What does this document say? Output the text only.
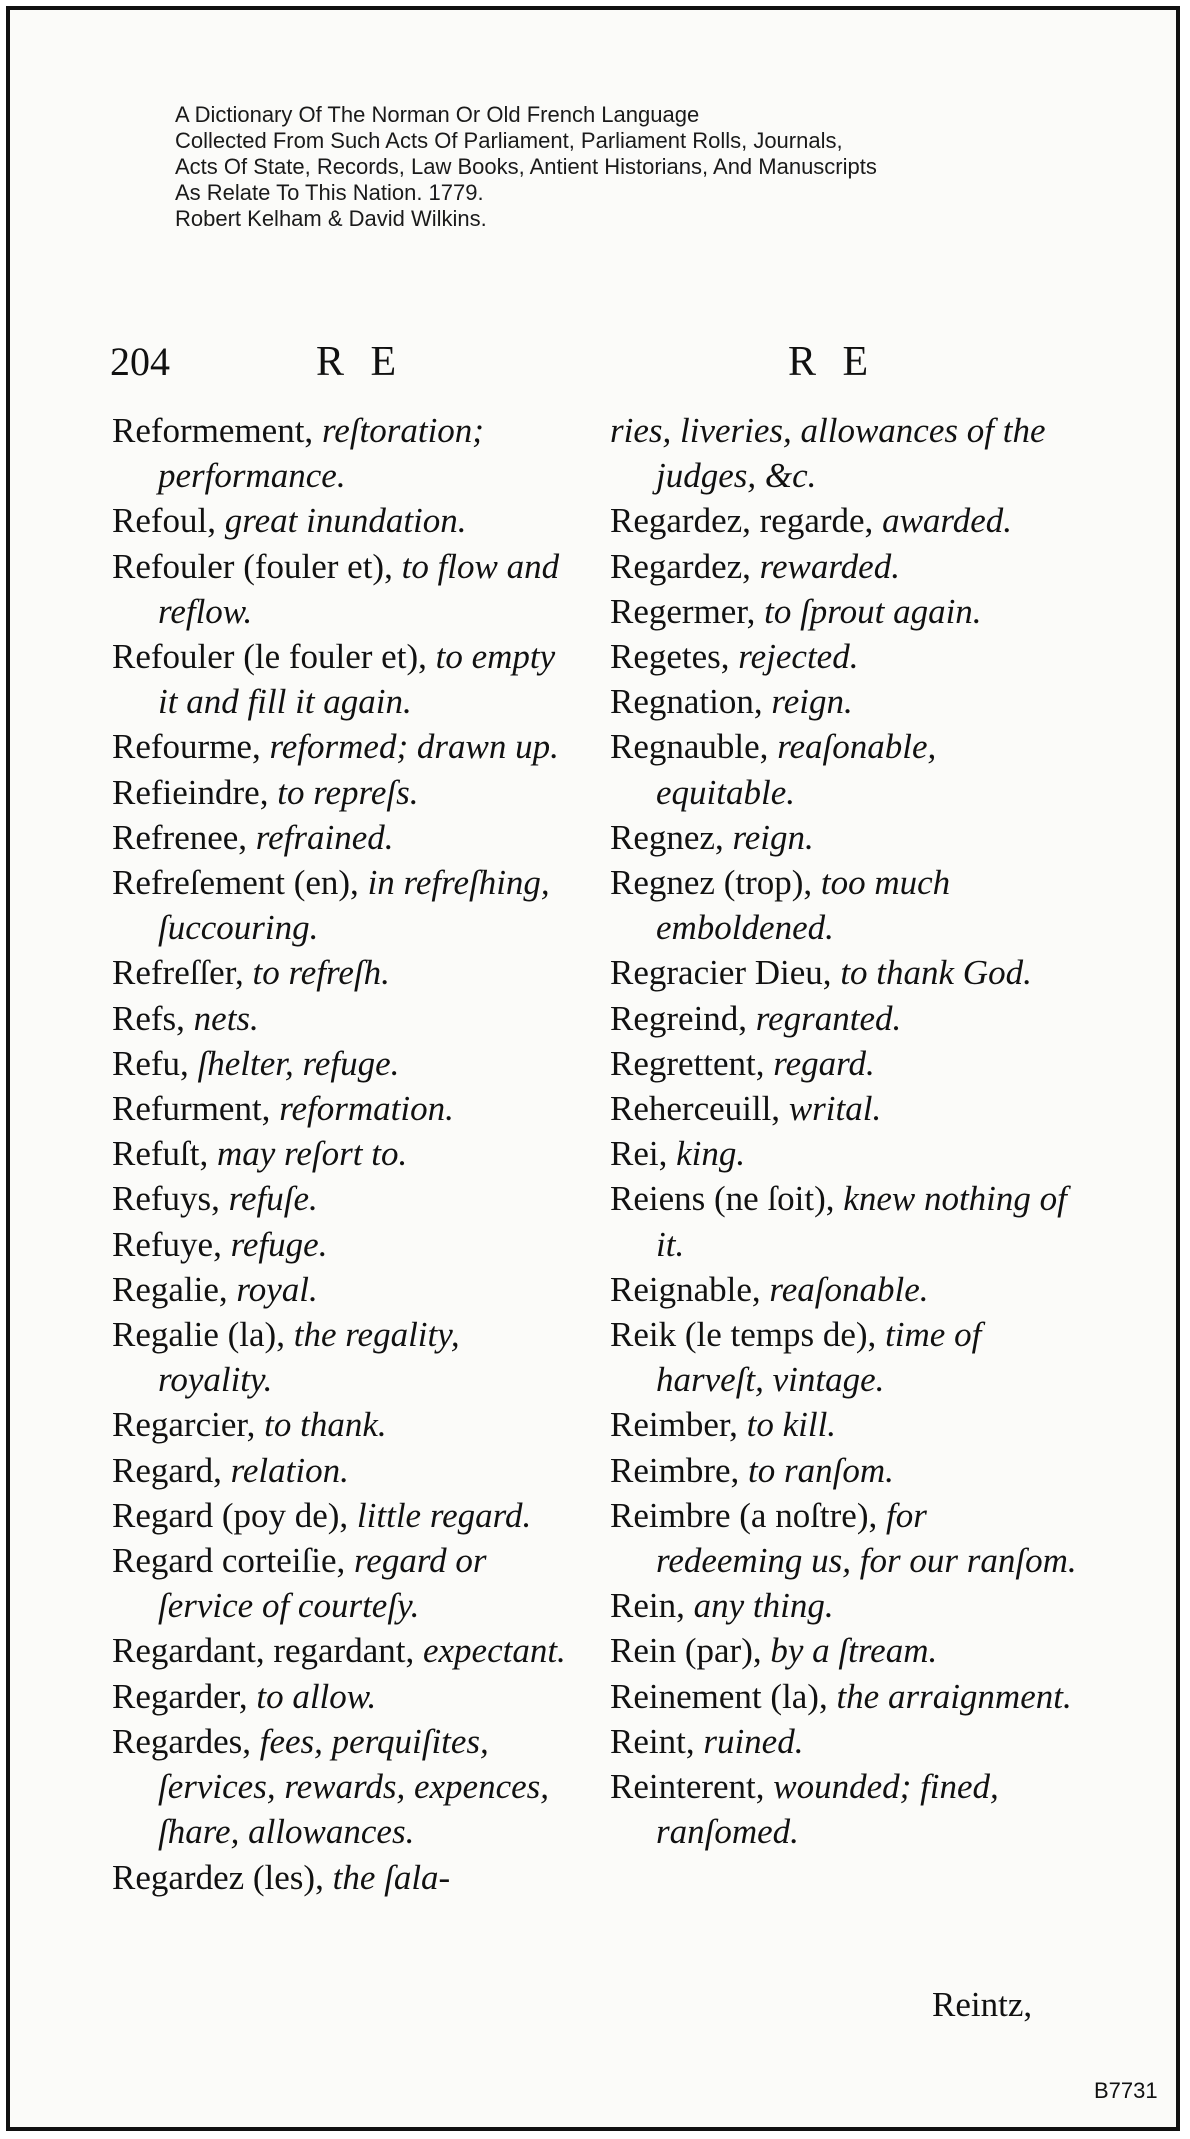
A Dictionary Of The Norman Or Old French Language
Collected From Such Acts Of Parliament, Parliament Rolls, Journals,
Acts Of State, Records, Law Books, Antient Historians, And Manuscripts
As Relate To This Nation. 1779.
Robert Kelham & David Wilkins.
204	R E	R E
Reformement, reſtoration; performance.
Refoul, great inundation.
Refouler (fouler et), to flow and reflow.
Refouler (le fouler et), to empty it and fill it again.
Refourme, reformed; drawn up.
Refieindre, to repreſs.
Refrenee, refrained.
Refreſement (en), in refreſhing, ſuccouring.
Refreſſer, to refreſh.
Refs, nets.
Refu, ſhelter, refuge.
Refurment, reformation.
Refuſt, may reſort to.
Refuys, refuſe.
Refuye, refuge.
Regalie, royal.
Regalie (la), the regality, royality.
Regarcier, to thank.
Regard, relation.
Regard (poy de), little regard.
Regard corteiſie, regard or ſervice of courteſy.
Regardant, regardant, expectant.
Regarder, to allow.
Regardes, fees, perquiſites, ſervices, rewards, expences, ſhare, allowances.
Regardez (les), the ſala-
ries, liveries, allowances of the judges, &c.
Regardez, regarde, awarded.
Regardez, rewarded.
Regermer, to ſprout again.
Regetes, rejected.
Regnation, reign.
Regnauble, reaſonable, equitable.
Regnez, reign.
Regnez (trop), too much emboldened.
Regracier Dieu, to thank God.
Regreind, regranted.
Regrettent, regard.
Reherceuill, writal.
Rei, king.
Reiens (ne ſoit), knew nothing of it.
Reignable, reaſonable.
Reik (le temps de), time of harveſt, vintage.
Reimber, to kill.
Reimbre, to ranſom.
Reimbre (a noſtre), for redeeming us, for our ranſom.
Rein, any thing.
Rein (par), by a ſtream.
Reinement (la), the arraignment.
Reint, ruined.
Reinterent, wounded; fined, ranſomed.
Reintz,
B7731
